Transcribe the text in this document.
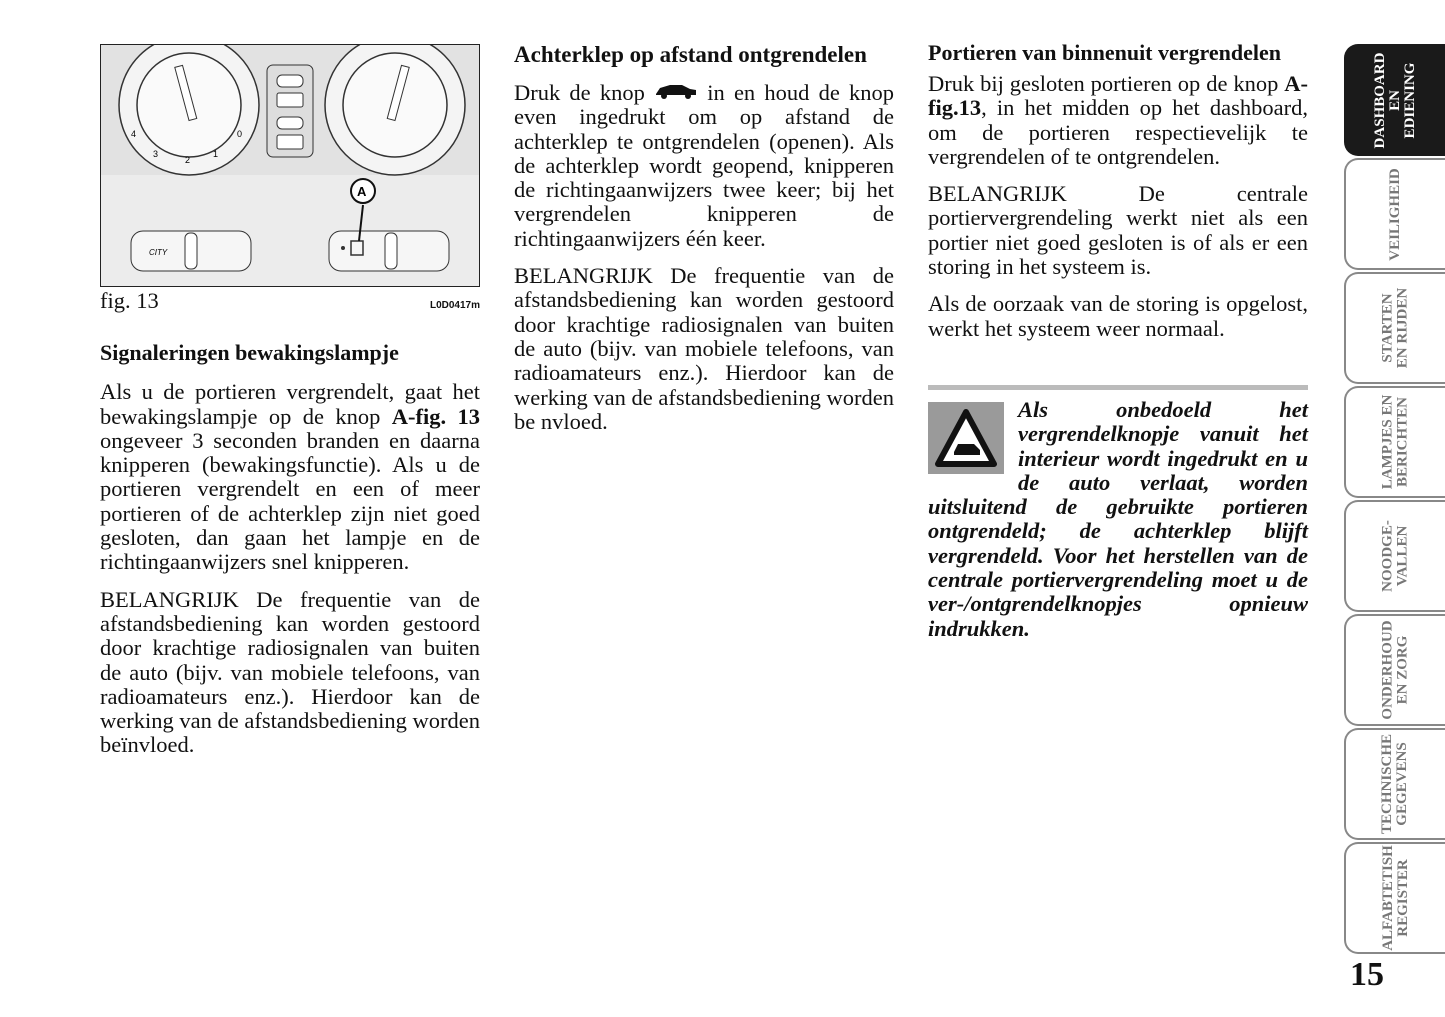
3
2
1
4	0
CITY
A
fig. 13	L0D0417m
Signaleringen bewakingslampje

Als u de portieren vergrendelt, gaat het bewakingslampje op de knop A-fig. 13 ongeveer 3 seconden branden en daarna knipperen (bewakingsfunctie). Als u de portieren vergrendelt en een of meer portieren of de achterklep zijn niet goed gesloten, dan gaan het lampje en de richtingaanwijzers snel knipperen.

BELANGRIJK De frequentie van de afstandsbediening kan worden gestoord door krachtige radiosignalen van buiten de auto (bijv. van mobiele telefoons, van radioamateurs enz.). Hierdoor kan de werking van de afstandsbediening worden beïnvloed.

Achterklep op afstand ontgrendelen

Druk de knop  in en houd de knop even ingedrukt om op afstand de achterklep te ontgrendelen (openen). Als de achterklep wordt geopend, knipperen de richtingaanwijzers twee keer; bij het vergrendelen knipperen de richtingaanwijzers één keer.

BELANGRIJK De frequentie van de afstandsbediening kan worden gestoord door krachtige radiosignalen van buiten de auto (bijv. van mobiele telefoons, van radioamateurs enz.). Hierdoor kan de werking van de afstandsbediening worden be nvloed.

Portieren van binnenuit vergrendelen

Druk bij gesloten portieren op de knop A-fig.13, in het midden op het dashboard, om de portieren respectievelijk te vergrendelen of te ontgrendelen.

BELANGRIJK De centrale portiervergrendeling werkt niet als een portier niet goed gesloten is of als er een storing in het systeem is.

Als de oorzaak van de storing is opgelost, werkt het systeem weer normaal.

Als onbedoeld het vergrendelknopje vanuit het interieur wordt ingedrukt en u de auto verlaat, worden uitsluitend de gebruikte portieren ontgrendeld; de achterklep blijft vergrendeld. Voor het herstellen van de centrale portiervergrendeling moet u de ver-/ontgrendelknopjes opnieuw indrukken.
DASHBOARD
EN
EDIENING
VEILIGHEID
STARTEN
EN RIJDEN
LAMPJES EN
BERICHTEN
NOODGE-
VALLEN
ONDERHOUD
EN ZORG
TECHNISCHE
GEGEVENS
ALFABTETISH
REGISTER
15
